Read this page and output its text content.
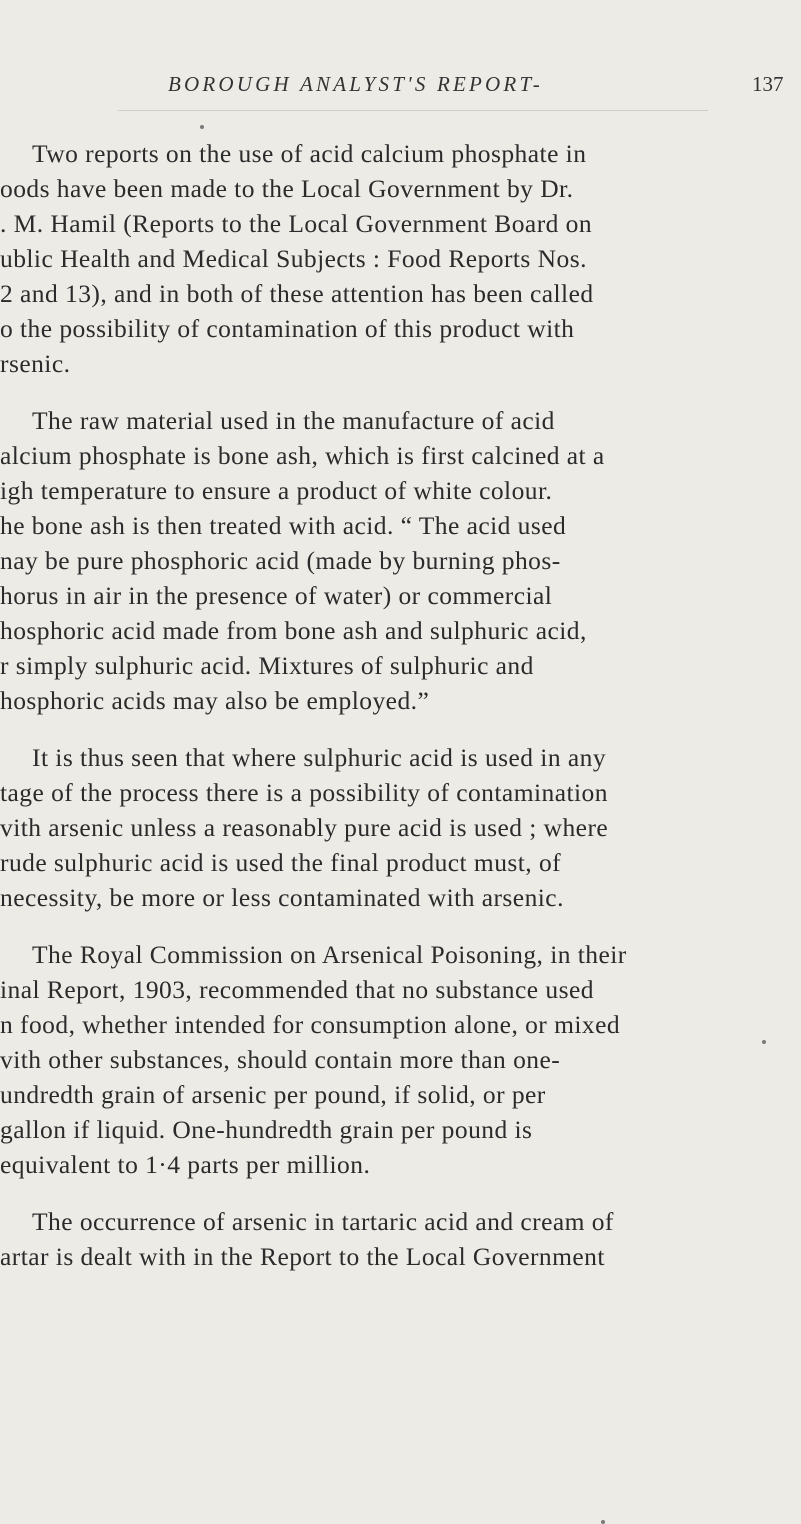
BOROUGH ANALYST'S REPORT-	137
Two reports on the use of acid calcium phosphate in
oods have been made to the Local Government by Dr.
. M. Hamil (Reports to the Local Government Board on
ublic Health and Medical Subjects : Food Reports Nos.
2 and 13), and in both of these attention has been called
o the possibility of contamination of this product with
rsenic.
The raw material used in the manufacture of acid
alcium phosphate is bone ash, which is first calcined at a
igh temperature to ensure a product of white colour.
he bone ash is then treated with acid. “ The acid used
nay be pure phosphoric acid (made by burning phos-
horus in air in the presence of water) or commercial
hosphoric acid made from bone ash and sulphuric acid,
r simply sulphuric acid. Mixtures of sulphuric and
hosphoric acids may also be employed.”
It is thus seen that where sulphuric acid is used in any
tage of the process there is a possibility of contamination
vith arsenic unless a reasonably pure acid is used ; where
rude sulphuric acid is used the final product must, of
necessity, be more or less contaminated with arsenic.
The Royal Commission on Arsenical Poisoning, in their
inal Report, 1903, recommended that no substance used
n food, whether intended for consumption alone, or mixed
vith other substances, should contain more than one-
undredth grain of arsenic per pound, if solid, or per
gallon if liquid. One-hundredth grain per pound is
equivalent to 1·4 parts per million.
The occurrence of arsenic in tartaric acid and cream of
artar is dealt with in the Report to the Local Government
